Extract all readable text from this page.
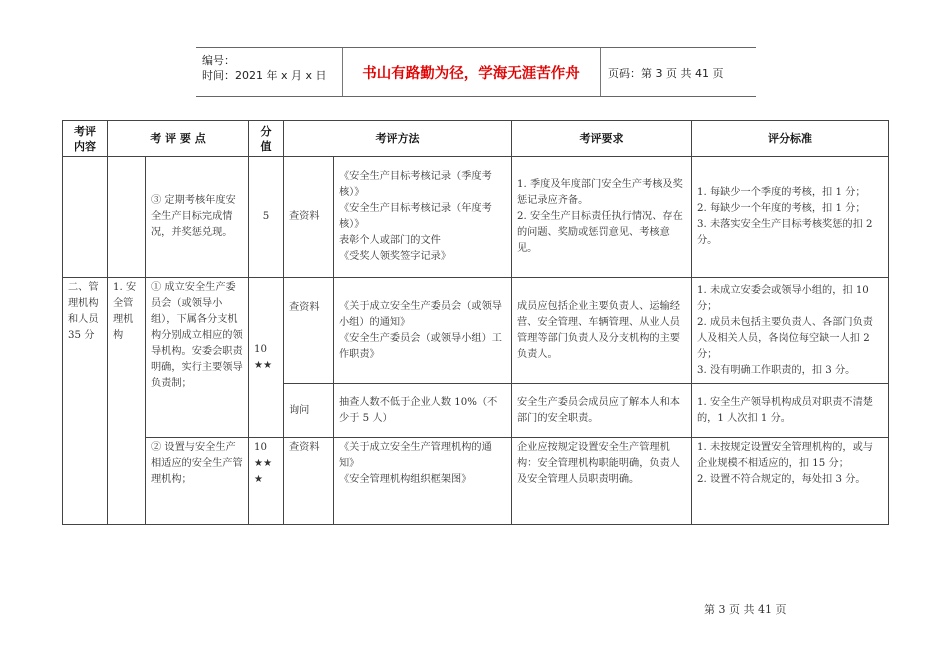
编号：
时间：2021 年 x 月 x 日	书山有路勤为径，学海无涯苦作舟	页码：第 3 页 共 41 页
考评
内容	考 评 要 点		分
值	考评方法		考评要求	评分标准
		③ 定期考核年度安全生产目标完成情况，并奖惩兑现。	5	查资料	《安全生产目标考核记录（季度考核）》
《安全生产目标考核记录（年度考核）》
表彰个人或部门的文件
《受奖人领奖签字记录》	1. 季度及年度部门安全生产考核及奖惩记录应齐备。
2. 安全生产目标责任执行情况、存在的问题、奖励或惩罚意见、考核意见。	1. 每缺少一个季度的考核，扣 1 分；
2. 每缺少一个年度的考核，扣 1 分；
3. 未落实安全生产目标考核奖惩的扣 2 分。
二、管理机构和人员 35 分	1. 安全管理机构	① 成立安全生产委员会（或领导小组），下属各分支机构分别成立相应的领导机构。安委会职责明确，实行主要领导负责制；	10
★★	查资料	《关于成立安全生产委员会（或领导小组）的通知》
《安全生产委员会（或领导小组）工作职责》	成员应包括企业主要负责人、运输经营、安全管理、车辆管理、从业人员管理等部门负责人及分支机构的主要负责人。	1. 未成立安委会或领导小组的，扣 10 分；
2. 成员未包括主要负责人、各部门负责人及相关人员，各岗位每空缺一人扣 2 分；
3. 没有明确工作职责的，扣 3 分。
				询问	抽查人数不低于企业人数 10%（不少于 5 人）	安全生产委员会成员应了解本人和本部门的安全职责。	1. 安全生产领导机构成员对职责不清楚的，1 人次扣 1 分。
		② 设置与安全生产相适应的安全生产管理机构；	10
★★
★	查资料	《关于成立安全生产管理机构的通知》
《安全管理机构组织框架图》	企业应按规定设置安全生产管理机构：安全管理机构职能明确，负责人及安全管理人员职责明确。	1. 未按规定设置安全管理机构的，或与企业规模不相适应的，扣 15 分；
2. 设置不符合规定的，每处扣 3 分。
第 3 页 共 41 页
